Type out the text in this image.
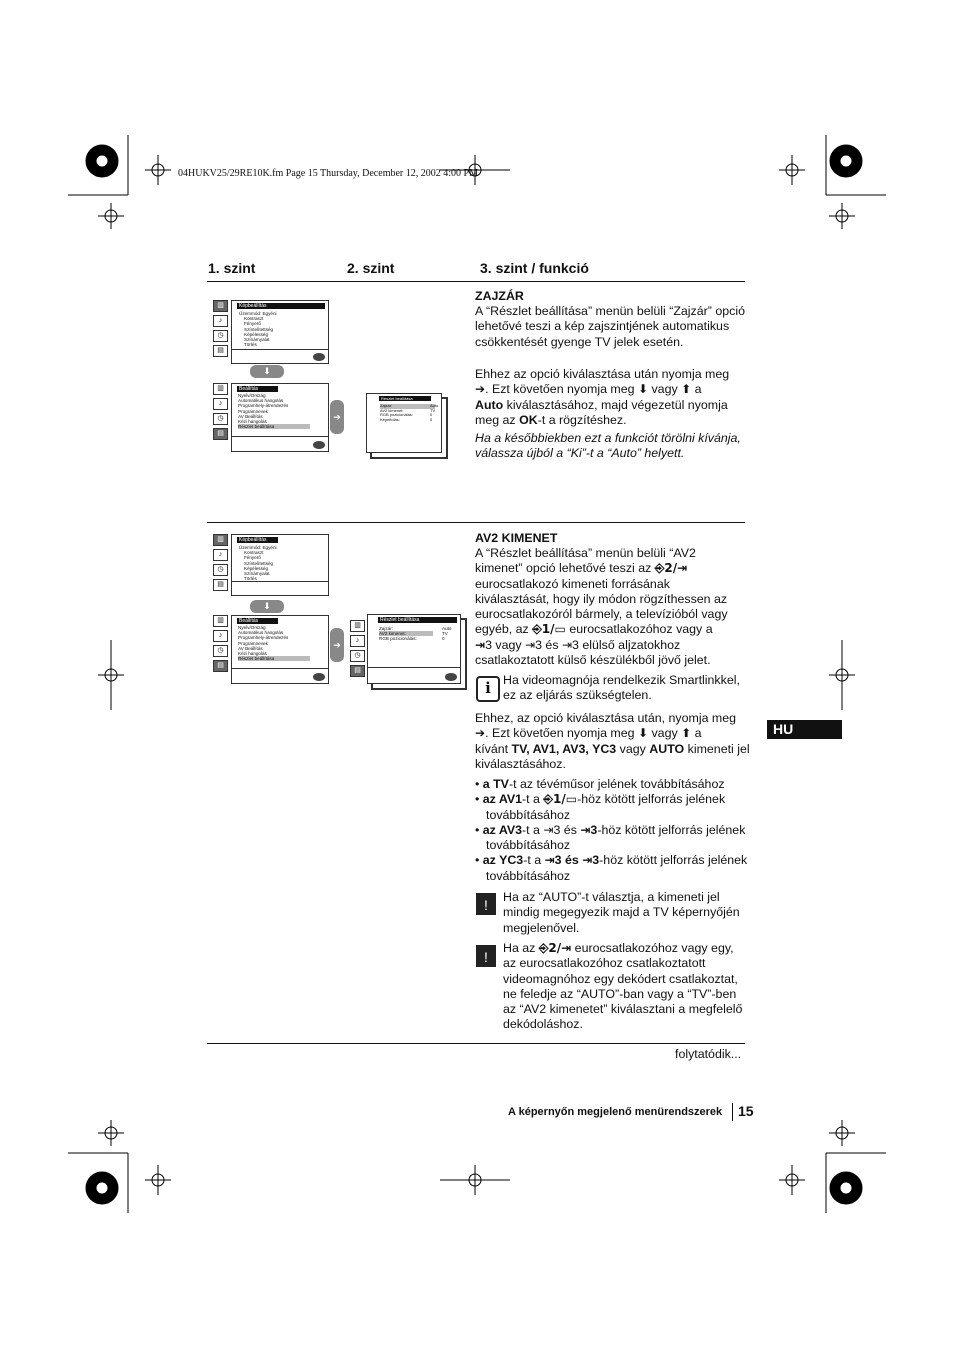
04HUKV25/29RE10K.fm Page 15 Thursday, December 12, 2002 4:00 PM
1. szint	2. szint	3. szint / funkció
HU
▥
♪
◷
▤
Képbeállítás
Üzemmód: Egyéni
Kontraszt
Fényerő
Színtelítettség
Képélesség
Színárnyalat
Törlés
⬇
▥
♪
◷
▤
Beállítás
Nyelv/Ország
Automatikus hangolás
Programhely-átrendezés
Programnevek
AV Beállítás
Kézi hangolás
Részlet beállítása
➔
Részlet beállítása
Zajzár:	Auto
AV2 kimenet:	TV
RGB pozicionálás:	0
Képeltolás:	0
ZAJZÁR
A “Részlet beállítása” menün belüli “Zajzár” opció lehetővé teszi a kép zajszintjének automatikus csökkentését gyenge TV jelek esetén.
Ehhez az opció kiválasztása után nyomja meg
➔. Ezt követően nyomja meg ⬇ vagy ⬆ a
Auto kiválasztásához, majd végezetül nyomja meg az OK-t a rögzítéshez.
Ha a későbbiekben ezt a funkciót törölni kívánja, válassza újból a “Ki”-t a “Auto” helyett.
▥
♪
◷
▤
Képbeállítás
Üzemmód: Egyéni
Kontraszt
Fényerő
Színtelítettség
Képélesség
Színárnyalat
Törlés
⬇
▥
♪
◷
▤
Beállítás
Nyelv/Ország
Automatikus hangolás
Programhely-átrendezés
Programnevek
AV Beállítás
Kézi hangolás
Részlet beállítása
➔
▥
♪
◷
▤
Részlet beállítása
Zajzár:	Auto
AV2 kimenet:	TV
RGB pozicionálás:	0
AV2 KIMENET
A “Részlet beállítása” menün belüli “AV2
kimenet” opció lehetővé teszi az ⎆2/⇥
eurocsatlakozó kimeneti forrásának
kiválasztását, hogy ily módon rögzíthessen az
eurocsatlakozóról bármely, a televízióból vagy
egyéb, az ⎆1/▭ eurocsatlakozóhoz vagy a
⇥3 vagy ⇥3 és ⇥3 elülső aljzatokhoz
csatlakoztatott külső készülékből jövő jelet.
i Ha videomagnója rendelkezik Smartlinkkel, ez az eljárás szükségtelen.
Ehhez, az opció kiválasztása után, nyomja meg
➔. Ezt követően nyomja meg ⬇ vagy ⬆ a
kívánt TV, AV1, AV3, YC3 vagy AUTO kimeneti jel kiválasztásához.
• a TV-t az tévéműsor jelének továbbításához
• az AV1-t a ⎆1/▭-höz kötött jelforrás jelének továbbításához
• az AV3-t a ⇥3 és ⇥3-höz kötött jelforrás jelének továbbításához
• az YC3-t a ⇥3 és ⇥3-höz kötött jelforrás jelének továbbításához
!	Ha az “AUTO”-t választja, a kimeneti jel mindig megegyezik majd a TV képernyőjén megjelenővel.
!
Ha az ⎆2/⇥ eurocsatlakozóhoz vagy egy, az eurocsatlakozóhoz csatlakoztatott videomagnóhoz egy dekódert csatlakoztat, ne feledje az “AUTO”-ban vagy a “TV”-ben az “AV2 kimenetet” kiválasztani a megfelelő dekódoláshoz.
folytatódik...
A képernyőn megjelenő menürendszerek 15
